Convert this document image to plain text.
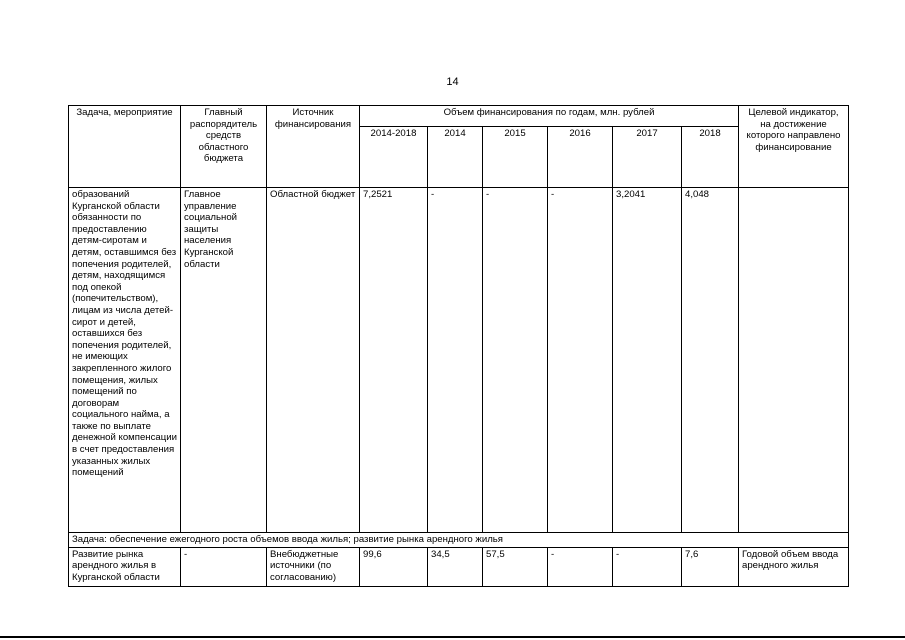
14
Задача, мероприятие	Главный распорядитель средств областного бюджета	Источник финансирования	Объем финансирования по годам, млн. рублей						Целевой индикатор, на достижение которого направлено финансирование
			2014-2018	2014	2015	2016	2017	2018	
образований Курганской области обязанности по предоставлению детям-сиротам и детям, оставшимся без попечения родителей, детям, находящимся под опекой (попечительством), лицам из числа детей-сирот и детей, оставшихся без попечения родителей, не имеющих закрепленного жилого помещения, жилых помещений по договорам социального найма, а также по выплате денежной компенсации в счет предоставления указанных жилых помещений	Главное управление социальной защиты населения Курганской области	Областной бюджет	7,2521	-	-	-	3,2041	4,048	
Задача: обеспечение ежегодного роста объемов ввода жилья; развитие рынка арендного жилья									
Развитие рынка арендного жилья в Курганской области	-	Внебюджетные источники (по согласованию)	99,6	34,5	57,5	-	-	7,6	Годовой объем ввода арендного жилья
